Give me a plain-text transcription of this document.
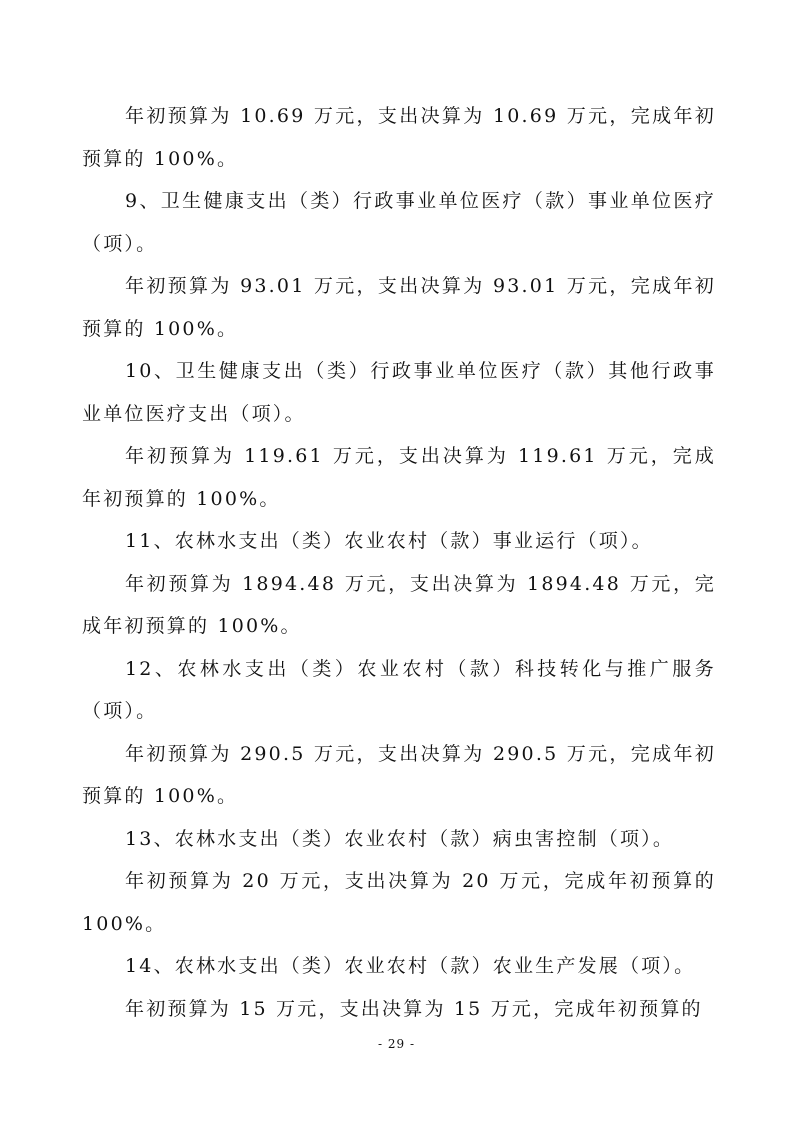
年初预算为 10.69 万元，支出决算为 10.69 万元，完成年初预算的 100%。

9、卫生健康支出（类）行政事业单位医疗（款）事业单位医疗（项）。

年初预算为 93.01 万元，支出决算为 93.01 万元，完成年初预算的 100%。

10、卫生健康支出（类）行政事业单位医疗（款）其他行政事业单位医疗支出（项）。

年初预算为 119.61 万元，支出决算为 119.61 万元，完成年初预算的 100%。

11、农林水支出（类）农业农村（款）事业运行（项）。

年初预算为 1894.48 万元，支出决算为 1894.48 万元，完成年初预算的 100%。

12、农林水支出（类）农业农村（款）科技转化与推广服务（项）。

年初预算为 290.5 万元，支出决算为 290.5 万元，完成年初预算的 100%。

13、农林水支出（类）农业农村（款）病虫害控制（项）。

年初预算为 20 万元，支出决算为 20 万元，完成年初预算的 100%。

14、农林水支出（类）农业农村（款）农业生产发展（项）。

年初预算为 15 万元，支出决算为 15 万元，完成年初预算的

- 29 -
